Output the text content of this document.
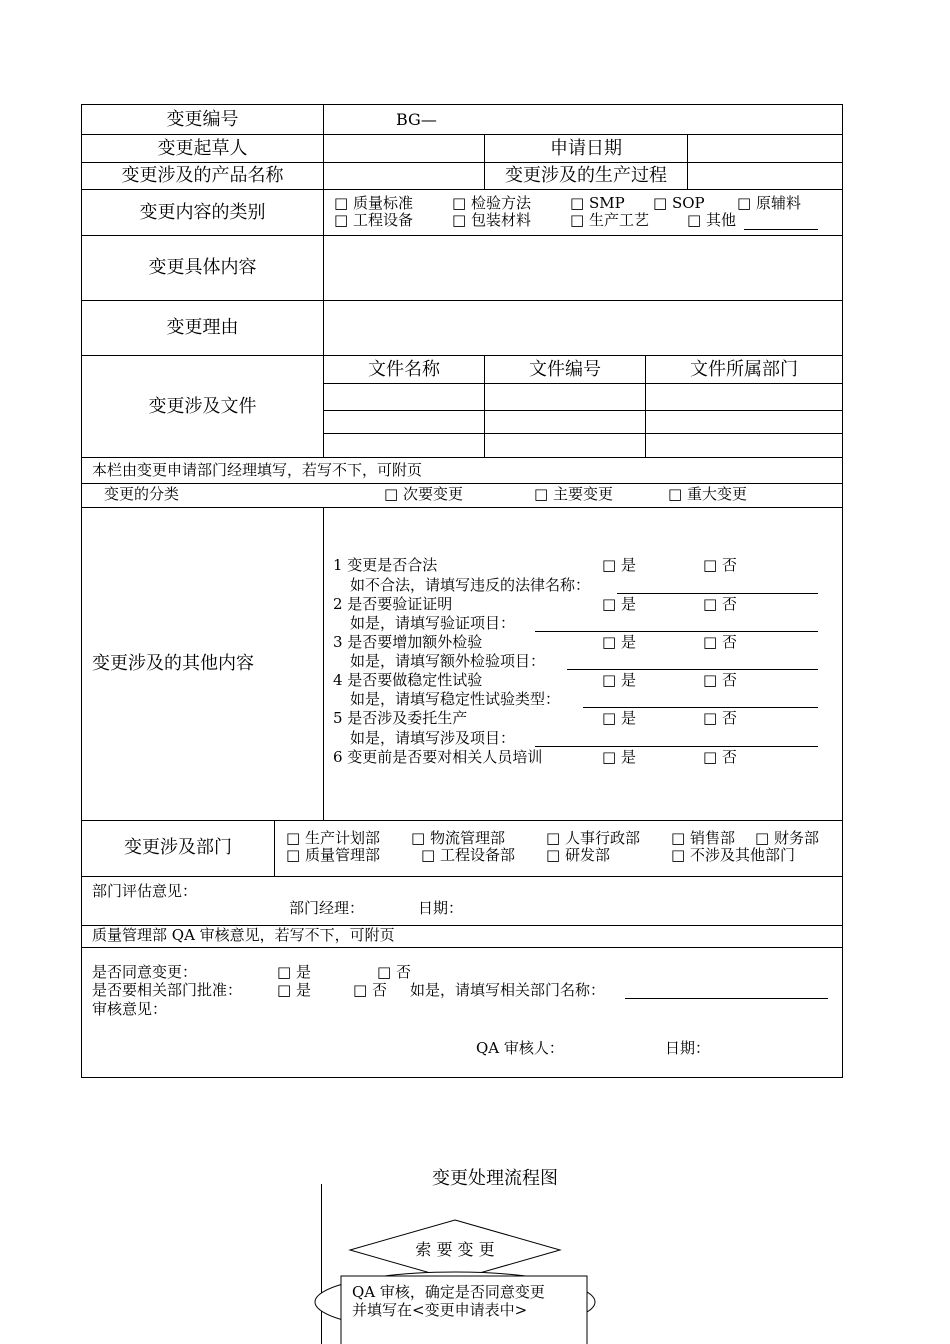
变更编号	BG—
变更起草人	申请日期
变更涉及的产品名称	变更涉及的生产过程
变更内容的类别	□ 质量标准	□ 检验方法	□ SMP □ SOP □ 原辅料
□ 工程设备	□ 包装材料	□ 生产工艺	□ 其他
变更具体内容
变更理由
变更涉及文件
文件名称	文件编号	文件所属部门
本栏由变更申请部门经理填写，若写不下，可附页
变更的分类	□ 次要变更	□ 主要变更	□ 重大变更
变更涉及的其他内容
1 变更是否合法	□ 是	□ 否
如不合法，请填写违反的法律名称：
2 是否要验证证明	□ 是	□ 否
如是，请填写验证项目：
3 是否要增加额外检验	□ 是	□ 否
如是，请填写额外检验项目：
4 是否要做稳定性试验	□ 是	□ 否
如是，请填写稳定性试验类型：
5 是否涉及委托生产	□ 是	□ 否
如是，请填写涉及项目：
6 变更前是否要对相关人员培训	□ 是	□ 否
变更涉及部门	□ 生产计划部 □ 物流管理部	□ 人事行政部 □ 销售部 □ 财务部
□ 质量管理部	□ 工程设备部 □ 研发部	□ 不涉及其他部门
部门评估意见：
部门经理：	日期：
质量管理部 QA 审核意见，若写不下，可附页
是否同意变更：	□ 是	□ 否
是否要相关部门批准： □ 是	□ 否 如是，请填写相关部门名称：
审核意见：
QA 审核人：	日期：
变更处理流程图
索 要 变 更
QA 审核，确定是否同意变更
并填写在<变更申请表中>
